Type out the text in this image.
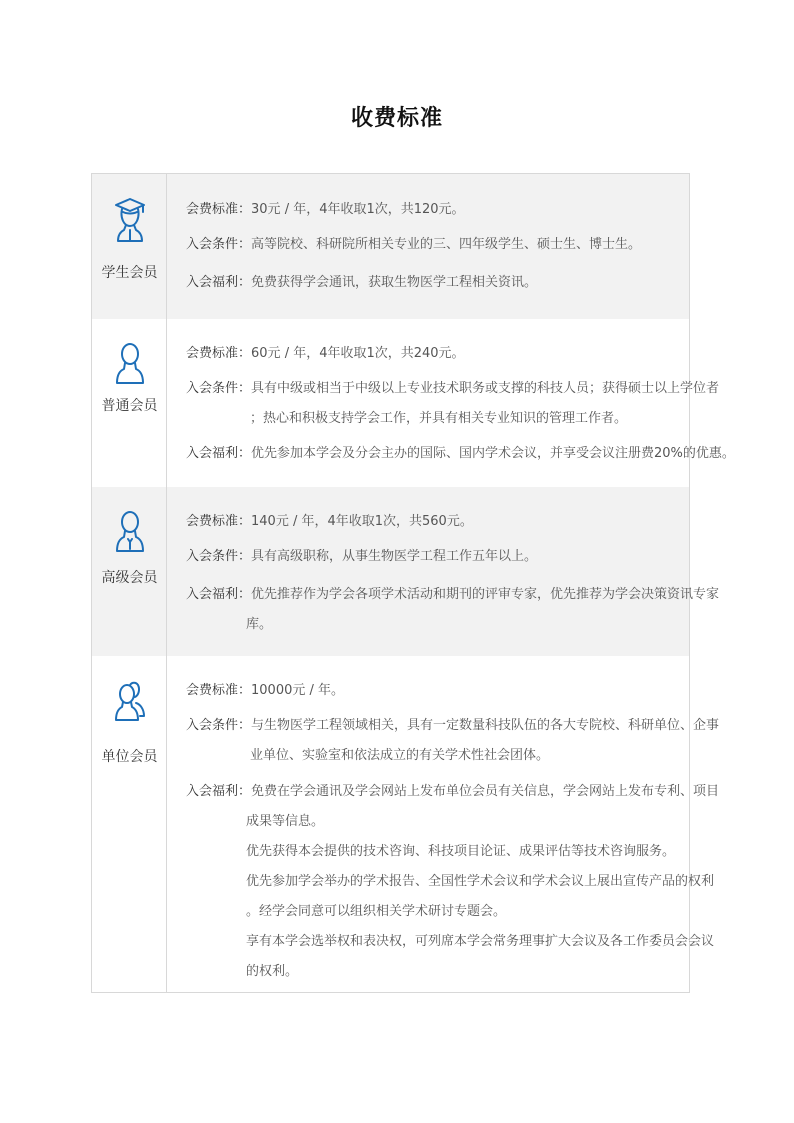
收费标准
学生会员
会费标准：30元 / 年，4年收取1次，共120元。
入会条件：高等院校、科研院所相关专业的三、四年级学生、硕士生、博士生。
入会福利：免费获得学会通讯，获取生物医学工程相关资讯。
普通会员
会费标准：60元 / 年，4年收取1次，共240元。
入会条件：具有中级或相当于中级以上专业技术职务或支撑的科技人员；获得硕士以上学位者
；热心和积极支持学会工作，并具有相关专业知识的管理工作者。
入会福利：优先参加本学会及分会主办的国际、国内学术会议，并享受会议注册费20%的优惠。
高级会员
会费标准：140元 / 年，4年收取1次，共560元。
入会条件：具有高级职称，从事生物医学工程工作五年以上。
入会福利：优先推荐作为学会各项学术活动和期刊的评审专家，优先推荐为学会决策资讯专家
库。
单位会员
会费标准：10000元 / 年。
入会条件：与生物医学工程领域相关，具有一定数量科技队伍的各大专院校、科研单位、企事
业单位、实验室和依法成立的有关学术性社会团体。
入会福利：免费在学会通讯及学会网站上发布单位会员有关信息，学会网站上发布专利、项目
成果等信息。
优先获得本会提供的技术咨询、科技项目论证、成果评估等技术咨询服务。
优先参加学会举办的学术报告、全国性学术会议和学术会议上展出宣传产品的权利
。经学会同意可以组织相关学术研讨专题会。
享有本学会选举权和表决权，可列席本学会常务理事扩大会议及各工作委员会会议
的权利。
